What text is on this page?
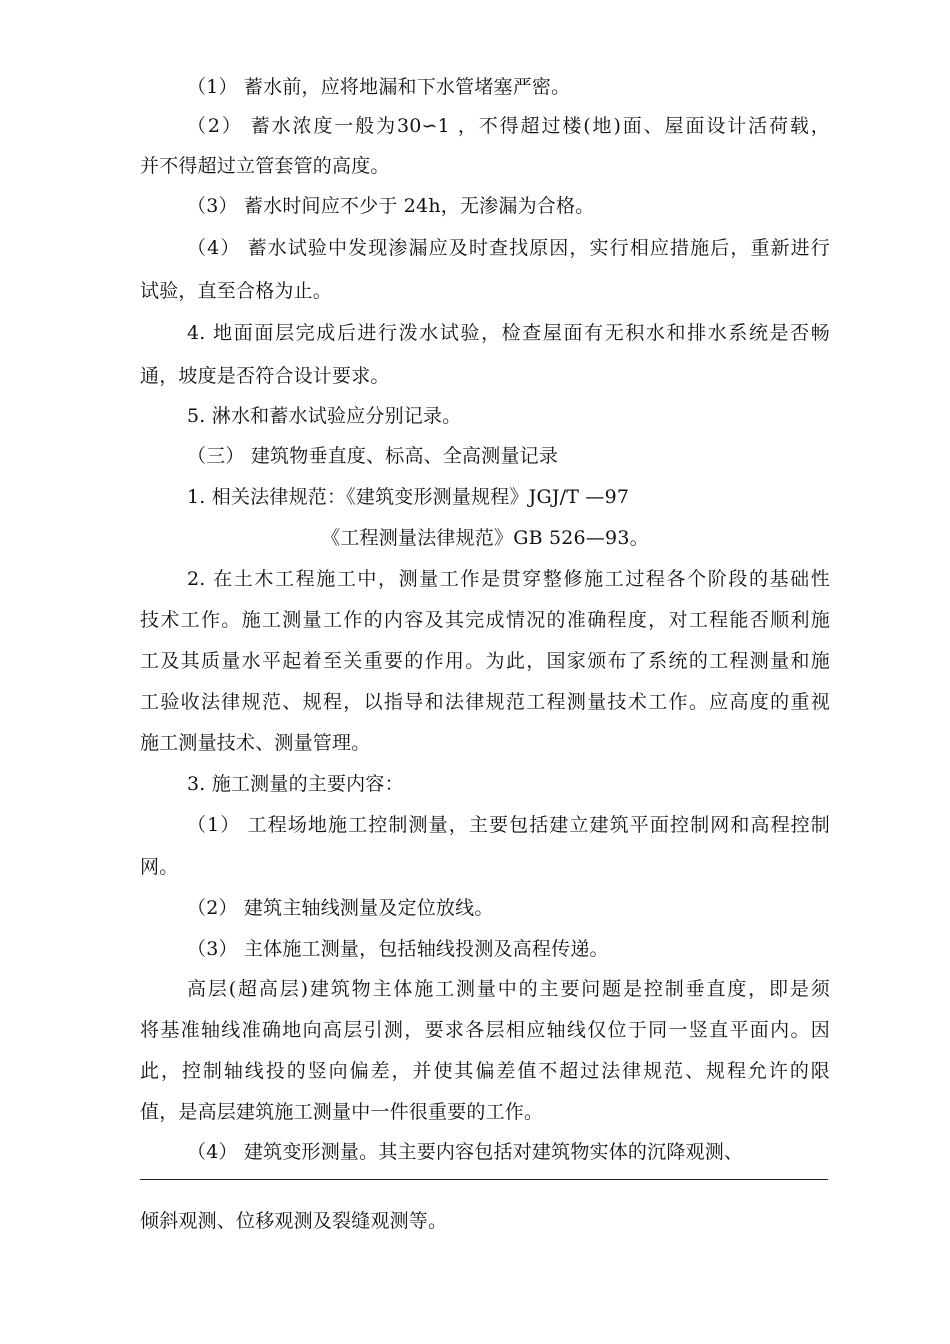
（1） 蓄水前，应将地漏和下水管堵塞严密。
（2） 蓄水浓度一般为30∽1 ，不得超过楼(地)面、屋面设计活荷载，
并不得超过立管套管的高度。
（3） 蓄水时间应不少于 24h，无渗漏为合格。
（4） 蓄水试验中发现渗漏应及时查找原因，实行相应措施后，重新进行
试验，直至合格为止。
4. 地面面层完成后进行泼水试验，检查屋面有无积水和排水系统是否畅
通，坡度是否符合设计要求。
5. 淋水和蓄水试验应分别记录。
（三） 建筑物垂直度、标高、全高测量记录
1. 相关法律规范：《建筑变形测量规程》JGJ/T —97
《工程测量法律规范》GB 526—93。
2. 在土木工程施工中，测量工作是贯穿整修施工过程各个阶段的基础性
技术工作。施工测量工作的内容及其完成情况的准确程度，对工程能否顺利施
工及其质量水平起着至关重要的作用。为此，国家颁布了系统的工程测量和施
工验收法律规范、规程，以指导和法律规范工程测量技术工作。应高度的重视
施工测量技术、测量管理。
3. 施工测量的主要内容：
（1） 工程场地施工控制测量，主要包括建立建筑平面控制网和高程控制
网。
（2） 建筑主轴线测量及定位放线。
（3） 主体施工测量，包括轴线投测及高程传递。
高层(超高层)建筑物主体施工测量中的主要问题是控制垂直度，即是须
将基准轴线准确地向高层引测，要求各层相应轴线仅位于同一竖直平面内。因
此，控制轴线投的竖向偏差，并使其偏差值不超过法律规范、规程允许的限
值，是高层建筑施工测量中一件很重要的工作。
（4） 建筑变形测量。其主要内容包括对建筑物实体的沉降观测、
倾斜观测、位移观测及裂缝观测等。
